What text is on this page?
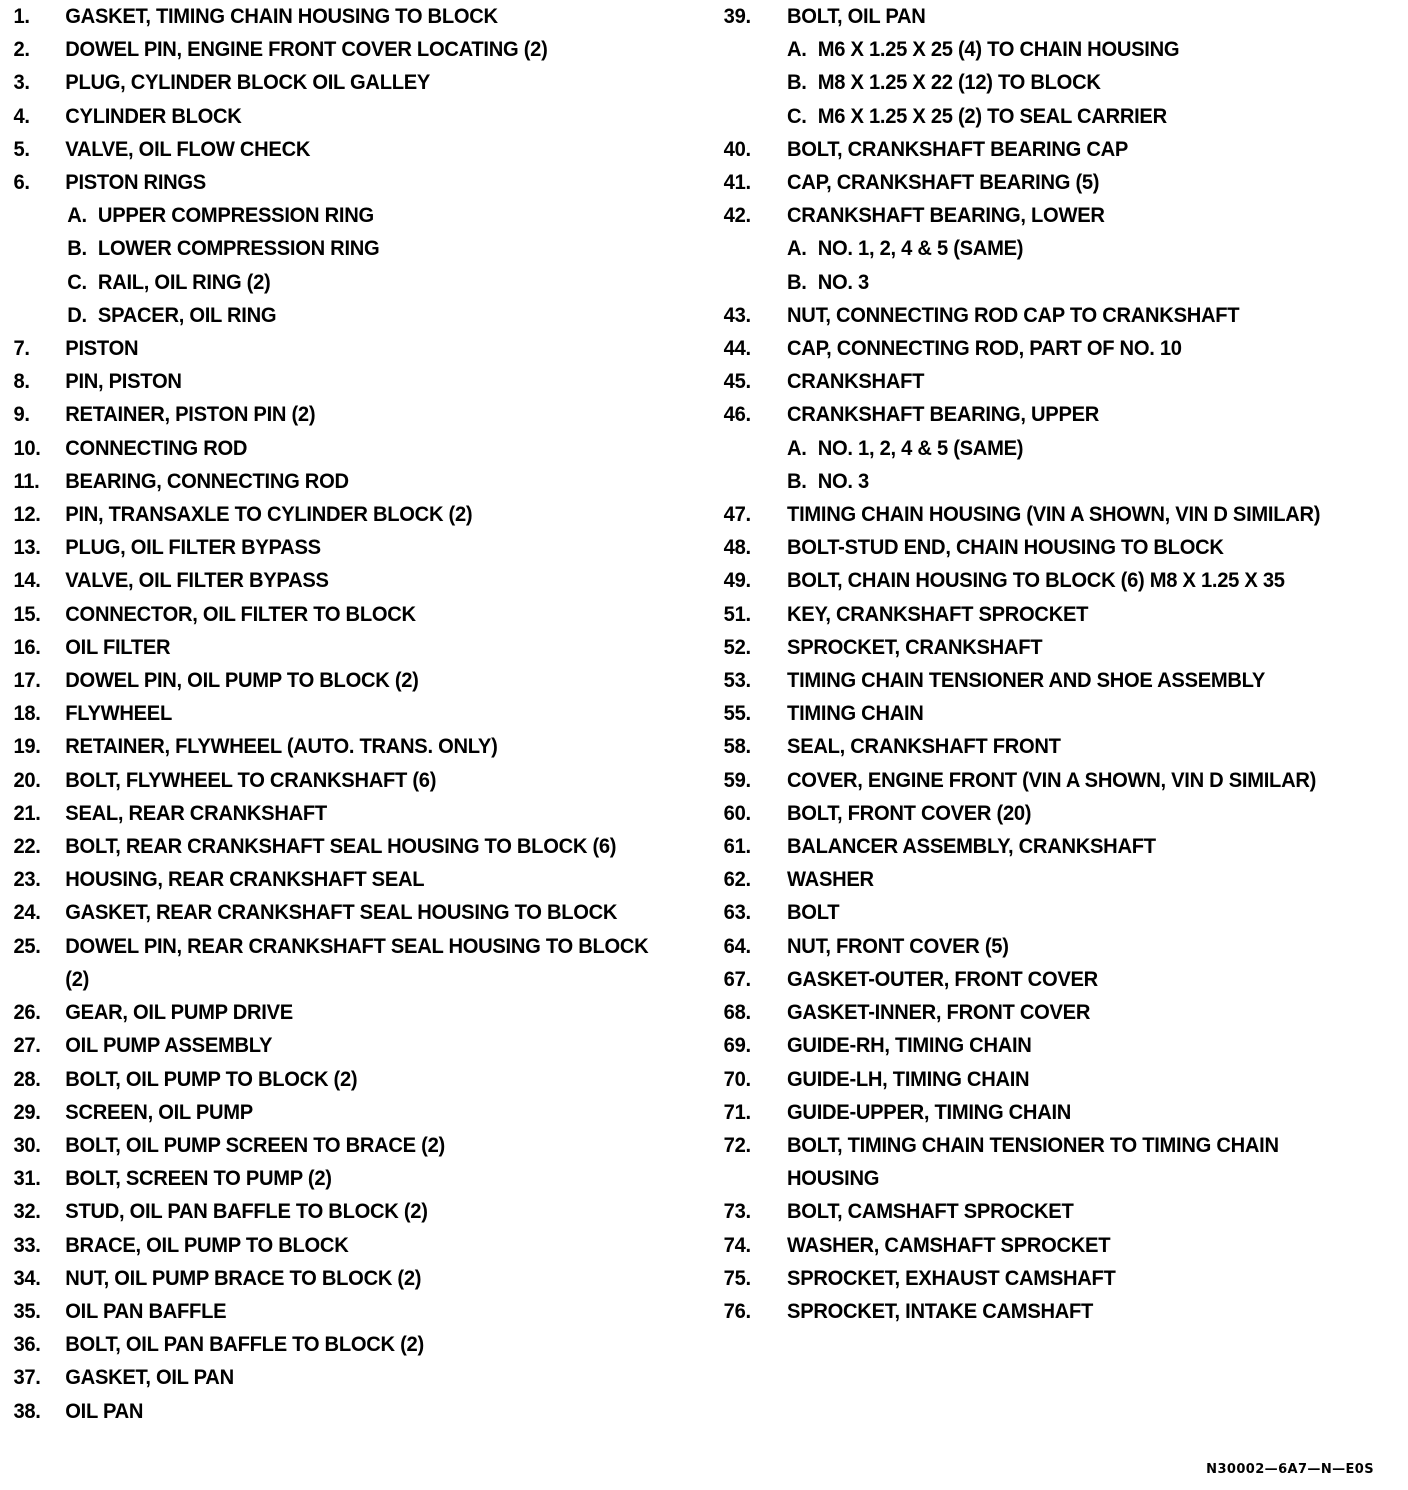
1.	GASKET, TIMING CHAIN HOUSING TO BLOCK
2.	DOWEL PIN, ENGINE FRONT COVER LOCATING (2)
3.	PLUG, CYLINDER BLOCK OIL GALLEY
4.	CYLINDER BLOCK
5.	VALVE, OIL FLOW CHECK
6.	PISTON RINGS
A. UPPER COMPRESSION RING
B. LOWER COMPRESSION RING
C. RAIL, OIL RING (2)
D. SPACER, OIL RING
7.	PISTON
8.	PIN, PISTON
9.	RETAINER, PISTON PIN (2)
10.	CONNECTING ROD
11.	BEARING, CONNECTING ROD
12.	PIN, TRANSAXLE TO CYLINDER BLOCK (2)
13.	PLUG, OIL FILTER BYPASS
14.	VALVE, OIL FILTER BYPASS
15.	CONNECTOR, OIL FILTER TO BLOCK
16.	OIL FILTER
17.	DOWEL PIN, OIL PUMP TO BLOCK (2)
18.	FLYWHEEL
19.	RETAINER, FLYWHEEL (AUTO. TRANS. ONLY)
20.	BOLT, FLYWHEEL TO CRANKSHAFT (6)
21.	SEAL, REAR CRANKSHAFT
22.	BOLT, REAR CRANKSHAFT SEAL HOUSING TO BLOCK (6)
23.	HOUSING, REAR CRANKSHAFT SEAL
24.	GASKET, REAR CRANKSHAFT SEAL HOUSING TO BLOCK
25.	DOWEL PIN, REAR CRANKSHAFT SEAL HOUSING TO BLOCK (2)
26.	GEAR, OIL PUMP DRIVE
27.	OIL PUMP ASSEMBLY
28.	BOLT, OIL PUMP TO BLOCK (2)
29.	SCREEN, OIL PUMP
30.	BOLT, OIL PUMP SCREEN TO BRACE (2)
31.	BOLT, SCREEN TO PUMP (2)
32.	STUD, OIL PAN BAFFLE TO BLOCK (2)
33.	BRACE, OIL PUMP TO BLOCK
34.	NUT, OIL PUMP BRACE TO BLOCK (2)
35.	OIL PAN BAFFLE
36.	BOLT, OIL PAN BAFFLE TO BLOCK (2)
37.	GASKET, OIL PAN
38.	OIL PAN
39.	BOLT, OIL PAN
A. M6 X 1.25 X 25 (4) TO CHAIN HOUSING
B. M8 X 1.25 X 22 (12) TO BLOCK
C. M6 X 1.25 X 25 (2) TO SEAL CARRIER
40.	BOLT, CRANKSHAFT BEARING CAP
41.	CAP, CRANKSHAFT BEARING (5)
42.	CRANKSHAFT BEARING, LOWER
A. NO. 1, 2, 4 & 5 (SAME)
B. NO. 3
43.	NUT, CONNECTING ROD CAP TO CRANKSHAFT
44.	CAP, CONNECTING ROD, PART OF NO. 10
45.	CRANKSHAFT
46.	CRANKSHAFT BEARING, UPPER
A. NO. 1, 2, 4 & 5 (SAME)
B. NO. 3
47.	TIMING CHAIN HOUSING (VIN A SHOWN, VIN D SIMILAR)
48.	BOLT-STUD END, CHAIN HOUSING TO BLOCK
49.	BOLT, CHAIN HOUSING TO BLOCK (6) M8 X 1.25 X 35
51.	KEY, CRANKSHAFT SPROCKET
52.	SPROCKET, CRANKSHAFT
53.	TIMING CHAIN TENSIONER AND SHOE ASSEMBLY
55.	TIMING CHAIN
58.	SEAL, CRANKSHAFT FRONT
59.	COVER, ENGINE FRONT (VIN A SHOWN, VIN D SIMILAR)
60.	BOLT, FRONT COVER (20)
61.	BALANCER ASSEMBLY, CRANKSHAFT
62.	WASHER
63.	BOLT
64.	NUT, FRONT COVER (5)
67.	GASKET-OUTER, FRONT COVER
68.	GASKET-INNER, FRONT COVER
69.	GUIDE-RH, TIMING CHAIN
70.	GUIDE-LH, TIMING CHAIN
71.	GUIDE-UPPER, TIMING CHAIN
72.	BOLT, TIMING CHAIN TENSIONER TO TIMING CHAIN HOUSING
73.	BOLT, CAMSHAFT SPROCKET
74.	WASHER, CAMSHAFT SPROCKET
75.	SPROCKET, EXHAUST CAMSHAFT
76.	SPROCKET, INTAKE CAMSHAFT
N30002—6A7—N—E0S
